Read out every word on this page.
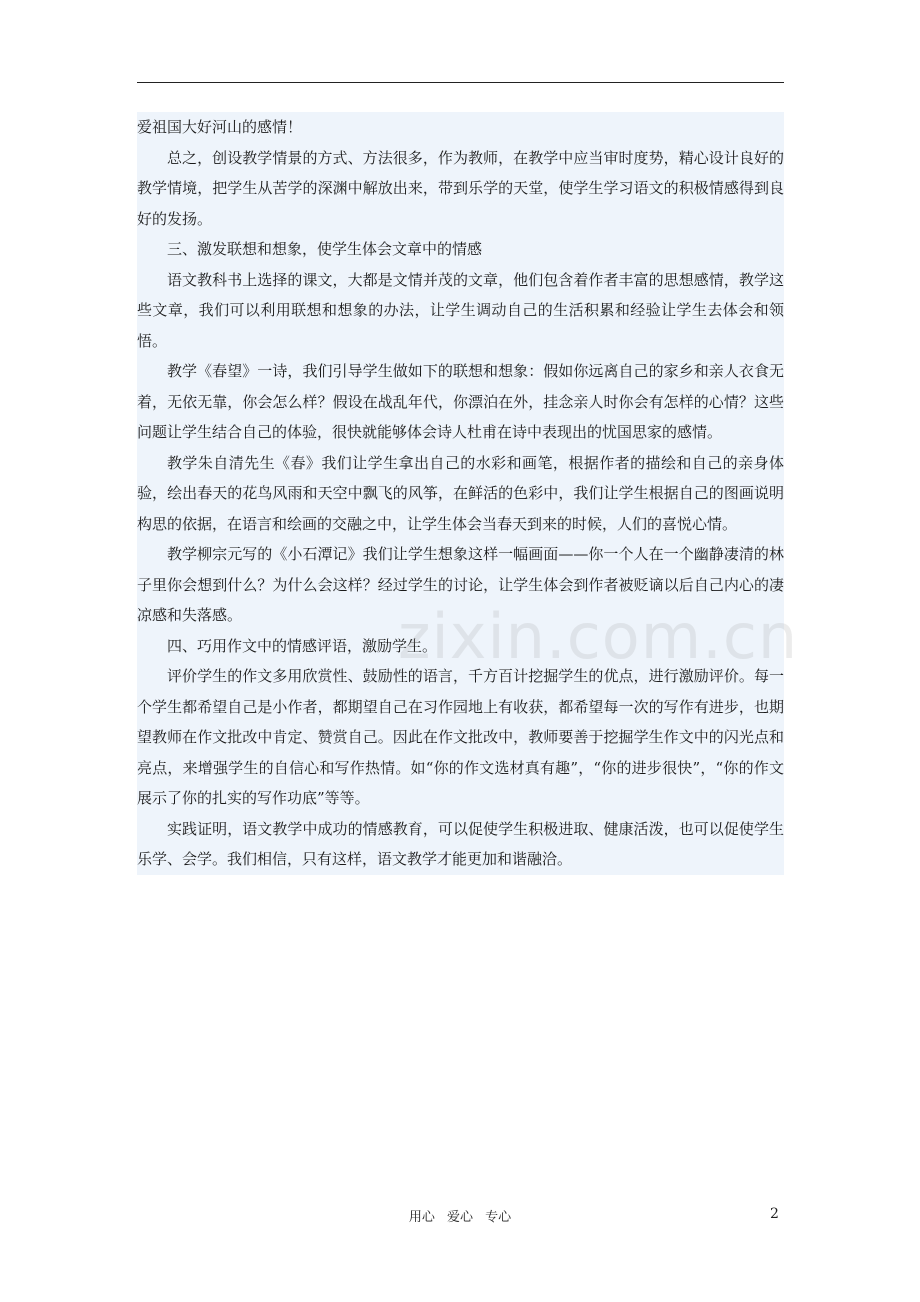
爱祖国大好河山的感情！

总之，创设教学情景的方式、方法很多，作为教师，在教学中应当审时度势，精心设计良好的教学情境，把学生从苦学的深渊中解放出来，带到乐学的天堂，使学生学习语文的积极情感得到良好的发扬。

三、激发联想和想象，使学生体会文章中的情感

语文教科书上选择的课文，大都是文情并茂的文章，他们包含着作者丰富的思想感情，教学这些文章，我们可以利用联想和想象的办法，让学生调动自己的生活积累和经验让学生去体会和领悟。

教学《春望》一诗，我们引导学生做如下的联想和想象：假如你远离自己的家乡和亲人衣食无着，无依无靠，你会怎么样？假设在战乱年代，你漂泊在外，挂念亲人时你会有怎样的心情？这些问题让学生结合自己的体验，很快就能够体会诗人杜甫在诗中表现出的忧国思家的感情。

教学朱自清先生《春》我们让学生拿出自己的水彩和画笔，根据作者的描绘和自己的亲身体验，绘出春天的花鸟风雨和天空中飘飞的风筝，在鲜活的色彩中，我们让学生根据自己的图画说明构思的依据，在语言和绘画的交融之中，让学生体会当春天到来的时候，人们的喜悦心情。

教学柳宗元写的《小石潭记》我们让学生想象这样一幅画面——你一个人在一个幽静凄清的林子里你会想到什么？为什么会这样？经过学生的讨论，让学生体会到作者被贬谪以后自己内心的凄凉感和失落感。

四、巧用作文中的情感评语，激励学生。

评价学生的作文多用欣赏性、鼓励性的语言，千方百计挖掘学生的优点，进行激励评价。每一个学生都希望自己是小作者，都期望自己在习作园地上有收获，都希望每一次的写作有进步，也期望教师在作文批改中肯定、赞赏自己。因此在作文批改中，教师要善于挖掘学生作文中的闪光点和亮点，来增强学生的自信心和写作热情。如“你的作文选材真有趣”，“你的进步很快”，“你的作文展示了你的扎实的写作功底”等等。

实践证明，语文教学中成功的情感教育，可以促使学生积极进取、健康活泼，也可以促使学生乐学、会学。我们相信，只有这样，语文教学才能更加和谐融洽。

zixin.com.cn
用心 爱心 专心	2
